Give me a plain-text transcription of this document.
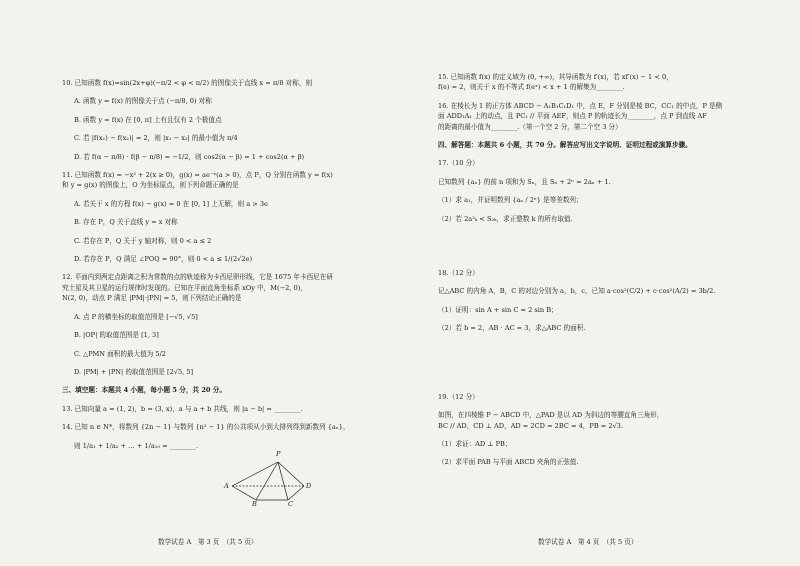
10. 已知函数 f(x)=sin(2x+φ)(−π/2 < φ < π/2) 的图像关于直线 x = π/8 对称，则

A. 函数 y = f(x) 的图像关于点 (−π/8, 0) 对称

B. 函数 y = f(x) 在 [0, π] 上有且仅有 2 个极值点

C. 若 |f(x₁) − f(x₂)| = 2，则 |x₁ − x₂| 的最小值为 π/4

D. 若 f(α − π/8) · f(β − π/8) = −1/2，则 cos2(α − β) = 1 + cos2(α + β)

11. 已知函数 f(x) = −x² + 2(x ≥ 0)，g(x) = ae⁻ˣ(a > 0)，点 P，Q 分别在函数 y = f(x)

和 y = g(x) 的图像上，O 为坐标原点，则下列命题正确的是

A. 若关于 x 的方程 f(x) − g(x) = 0 在 [0, 1] 上无解，则 a > 3e

B. 存在 P，Q 关于直线 y = x 对称

C. 若存在 P，Q 关于 y 轴对称，则 0 < a ≤ 2

D. 若存在 P，Q 满足 ∠POQ = 90°，则 0 < a ≤ 1/(2√2e)

12. 平面内到两定点距离之积为常数的点的轨迹称为卡西尼卵形线，它是 1675 年卡西尼在研

究土星及其卫星的运行规律时发现的。已知在平面直角坐标系 xOy 中，M(−2, 0)，

N(2, 0)，动点 P 满足 |PM|·|PN| = 5，则下列结论正确的是

A. 点 P 的横坐标的取值范围是 [−√5, √5]

B. |OP| 的取值范围是 [1, 3]

C. △PMN 面积的最大值为 5/2

D. |PM| + |PN| 的取值范围是 [2√5, 5]

三、填空题：本题共 4 小题，每小题 5 分，共 20 分。

13. 已知向量 a = (1, 2)，b = (3, x)，a 与 a + b 共线，则 |a − b| = ________.

14. 已知 n ∈ N*，将数列 {2n − 1} 与数列 {n² − 1} 的公共项从小到大排列得到新数列 {aₙ}，

则 1/a₁ + 1/a₂ + … + 1/a₁₀ = ________.

数学试卷 A　第 3 页　（共 5 页）

15. 已知函数 f(x) 的定义域为 (0, +∞)，其导函数为 f′(x)，若 xf′(x) − 1 < 0，

f(e) = 2，则关于 x 的不等式 f(eˣ) < x + 1 的解集为________.

16. 在棱长为 1 的正方体 ABCD − A₁B₁C₁D₁ 中，点 E，F 分别是棱 BC，CC₁ 的中点，P 是侧

面 ADD₁A₁ 上的动点，且 PC₁ // 平面 AEF，则点 P 的轨迹长为________，点 P 到直线 AF

的距离的最小值为________.（第一个空 2 分，第二个空 3 分）

四、解答题：本题共 6 小题，共 70 分。解答应写出文字说明、证明过程或演算步骤。

17.（10 分）

已知数列 {aₙ} 的前 n 项和为 Sₙ，且 Sₙ + 2ⁿ = 2aₙ + 1.

（1）求 a₁，并证明数列 {aₙ / 2ⁿ} 是等差数列；

（2）若 2a²ₖ < S₂ₖ，求正整数 k 的所有取值.

18.（12 分）

记△ABC 的内角 A，B，C 的对边分别为 a，b，c，已知 a·cos²(C/2) + c·cos²(A/2) = 3b/2.

（1）证明：sin A + sin C = 2 sin B；

（2）若 b = 2，AB · AC = 3，求△ABC 的面积.

19.（12 分）

如图，在四棱锥 P − ABCD 中，△PAD 是以 AD 为斜边的等腰直角三角形，

BC // AD，CD ⊥ AD，AD = 2CD = 2BC = 4，PB = 2√3.

（1）求证：AD ⊥ PB；

（2）求平面 PAB 与平面 ABCD 夹角的正弦值.

数学试卷 A　第 4 页　（共 5 页）
P
A
B	C
D
